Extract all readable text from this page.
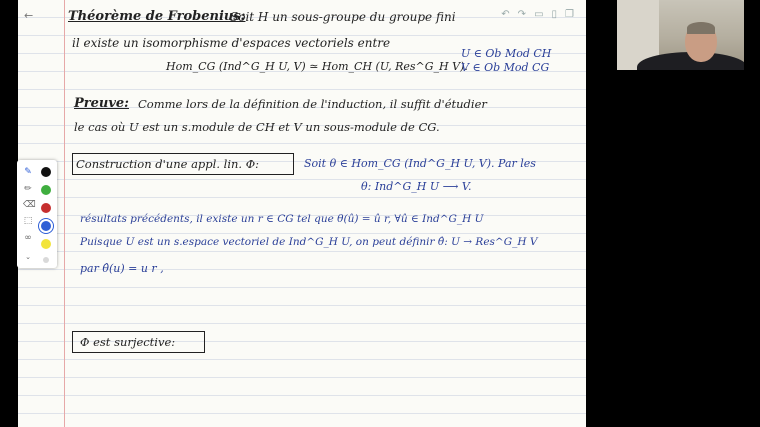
←	↶ ↷ ▭ ▯ ❐
Théorème de Frobenius:
Soit H un sous-groupe du groupe fini
il existe un isomorphisme d'espaces vectoriels entre
Hom_CG (Ind^G_H U, V) ≃ Hom_CH (U, Res^G_H V).
U ∈ Ob Mod CH
V ∈ Ob Mod CG
Preuve: Comme lors de la définition de l'induction, il suffit d'étudier
le cas où U est un s.module de CH et V un sous-module de CG.
Construction d'une appl. lin. Φ:	Soit θ ∈ Hom_CG (Ind^G_H U, V). Par les
θ: Ind^G_H U ⟶ V.
résultats précédents, il existe un r ∈ CG tel que θ(û) = û r, ∀û ∈ Ind^G_H U
Puisque U est un s.espace vectoriel de Ind^G_H U, on peut définir θ̂: U → Res^G_H V
par θ̂(u) = u r ,
Φ est surjective:
✎
✏
⌫
⬚
∞
⌄
